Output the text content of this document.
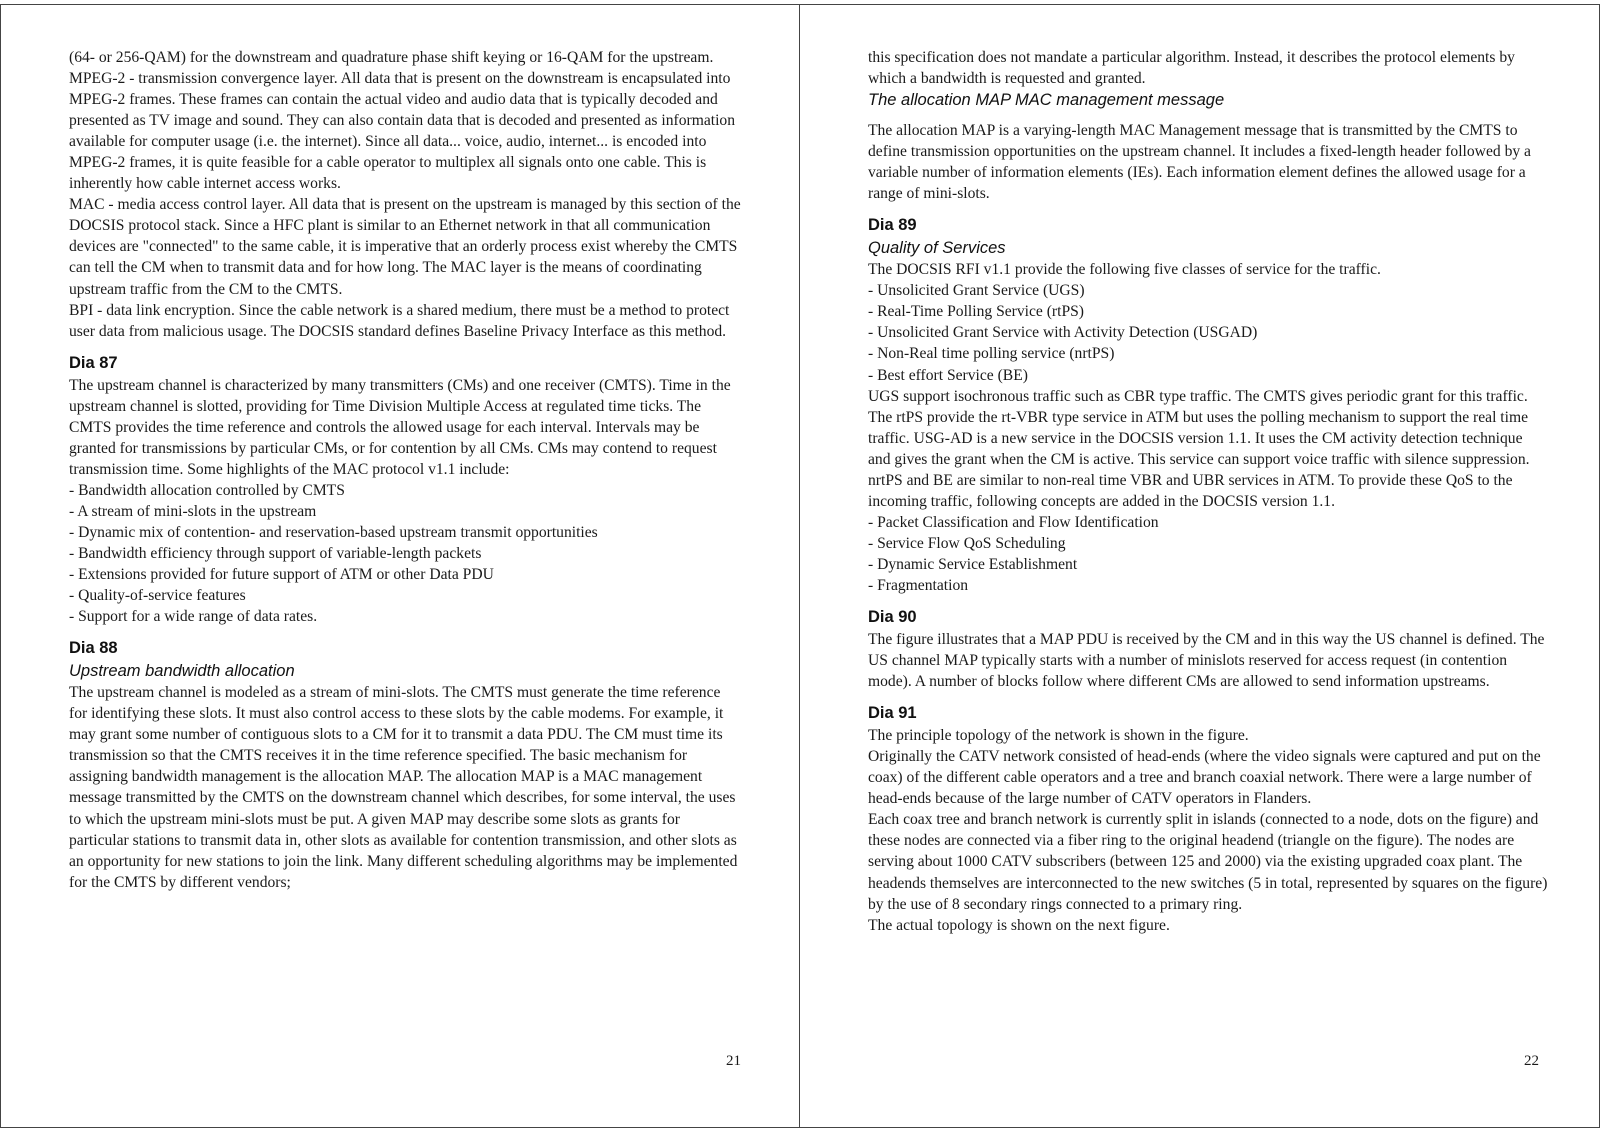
(64- or 256-QAM) for the downstream and quadrature phase shift keying or 16-QAM for the upstream.

MPEG-2 - transmission convergence layer. All data that is present on the downstream is encapsulated into MPEG-2 frames. These frames can contain the actual video and audio data that is typically decoded and presented as TV image and sound. They can also contain data that is decoded and presented as information available for computer usage (i.e. the internet). Since all data... voice, audio, internet... is encoded into MPEG-2 frames, it is quite feasible for a cable operator to multiplex all signals onto one cable. This is inherently how cable internet access works.

MAC - media access control layer. All data that is present on the upstream is managed by this section of the DOCSIS protocol stack. Since a HFC plant is similar to an Ethernet network in that all communication devices are "connected" to the same cable, it is imperative that an orderly process exist whereby the CMTS can tell the CM when to transmit data and for how long. The MAC layer is the means of coordinating upstream traffic from the CM to the CMTS.

BPI - data link encryption. Since the cable network is a shared medium, there must be a method to protect user data from malicious usage. The DOCSIS standard defines Baseline Privacy Interface as this method.

Dia 87

The upstream channel is characterized by many transmitters (CMs) and one receiver (CMTS). Time in the upstream channel is slotted, providing for Time Division Multiple Access at regulated time ticks. The CMTS provides the time reference and controls the allowed usage for each interval. Intervals may be granted for transmissions by particular CMs, or for contention by all CMs. CMs may contend to request transmission time. Some highlights of the MAC protocol v1.1 include:

- Bandwidth allocation controlled by CMTS

- A stream of mini-slots in the upstream

- Dynamic mix of contention- and reservation-based upstream transmit opportunities

- Bandwidth efficiency through support of variable-length packets

- Extensions provided for future support of ATM or other Data PDU

- Quality-of-service features

- Support for a wide range of data rates.

Dia 88
Upstream bandwidth allocation

The upstream channel is modeled as a stream of mini-slots. The CMTS must generate the time reference for identifying these slots. It must also control access to these slots by the cable modems. For example, it may grant some number of contiguous slots to a CM for it to transmit a data PDU. The CM must time its transmission so that the CMTS receives it in the time reference specified. The basic mechanism for assigning bandwidth management is the allocation MAP. The allocation MAP is a MAC management message transmitted by the CMTS on the downstream channel which describes, for some interval, the uses to which the upstream mini-slots must be put. A given MAP may describe some slots as grants for particular stations to transmit data in, other slots as available for contention transmission, and other slots as an opportunity for new stations to join the link. Many different scheduling algorithms may be implemented for the CMTS by different vendors;

21

this specification does not mandate a particular algorithm. Instead, it describes the protocol elements by which a bandwidth is requested and granted.

The allocation MAP MAC management message

The allocation MAP is a varying-length MAC Management message that is transmitted by the CMTS to define transmission opportunities on the upstream channel. It includes a fixed-length header followed by a variable number of information elements (IEs). Each information element defines the allowed usage for a range of mini-slots.

Dia 89
Quality of Services

The DOCSIS RFI v1.1 provide the following five classes of service for the traffic.

- Unsolicited Grant Service (UGS)

- Real-Time Polling Service (rtPS)

- Unsolicited Grant Service with Activity Detection (USGAD)

- Non-Real time polling service (nrtPS)

- Best effort Service (BE)

UGS support isochronous traffic such as CBR type traffic. The CMTS gives periodic grant for this traffic. The rtPS provide the rt-VBR type service in ATM but uses the polling mechanism to support the real time traffic. USG-AD is a new service in the DOCSIS version 1.1. It uses the CM activity detection technique and gives the grant when the CM is active. This service can support voice traffic with silence suppression. nrtPS and BE are similar to non-real time VBR and UBR services in ATM. To provide these QoS to the incoming traffic, following concepts are added in the DOCSIS version 1.1.

- Packet Classification and Flow Identification

- Service Flow QoS Scheduling

- Dynamic Service Establishment

- Fragmentation

Dia 90

The figure illustrates that a MAP PDU is received by the CM and in this way the US channel is defined. The US channel MAP typically starts with a number of minislots reserved for access request (in contention mode). A number of blocks follow where different CMs are allowed to send information upstreams.

Dia 91

The principle topology of the network is shown in the figure.

Originally the CATV network consisted of head-ends (where the video signals were captured and put on the coax) of the different cable operators and a tree and branch coaxial network. There were a large number of head-ends because of the large number of CATV operators in Flanders.

Each coax tree and branch network is currently split in islands (connected to a node, dots on the figure) and these nodes are connected via a fiber ring to the original headend (triangle on the figure). The nodes are serving about 1000 CATV subscribers (between 125 and 2000) via the existing upgraded coax plant. The headends themselves are interconnected to the new switches (5 in total, represented by squares on the figure) by the use of 8 secondary rings connected to a primary ring.

The actual topology is shown on the next figure.

22
